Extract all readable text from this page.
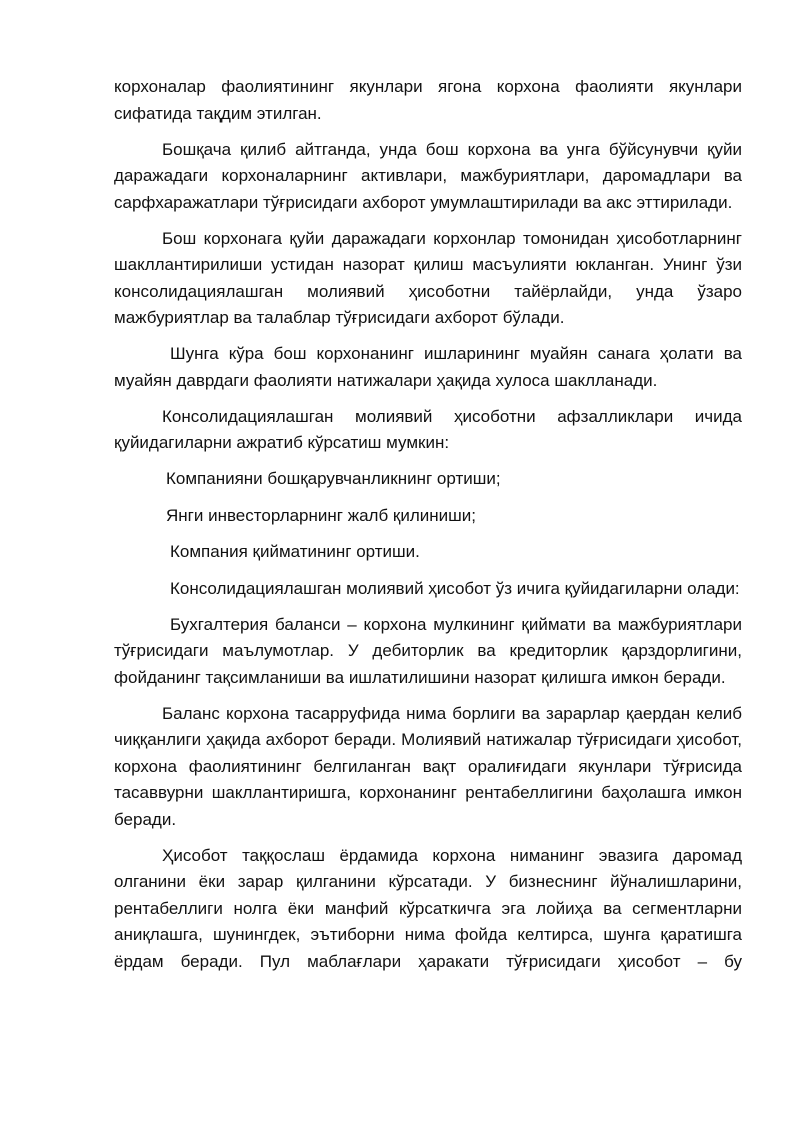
корхоналар фаолиятининг якунлари ягона корхона фаолияти якунлари сифатида тақдим этилган.

Бошқача қилиб айтганда, унда бош корхона ва унга бўйсунувчи қуйи даражадаги корхоналарнинг активлари, мажбуриятлари, даромадлари ва сарфхаражатлари тўғрисидаги ахборот умумлаштирилади ва акс эттирилади.

Бош корхонага қуйи даражадаги корхонлар томонидан ҳисоботларнинг шакллантирилиши устидан назорат қилиш масъулияти юкланган. Унинг ўзи консолидациялашган молиявий ҳисоботни тайёрлайди, унда ўзаро мажбуриятлар ва талаблар тўғрисидаги ахборот бўлади.

Шунга кўра бош корхонанинг ишларининг муайян санага ҳолати ва муайян даврдаги фаолияти натижалари ҳақида хулоса шаклланади.

Консолидациялашган молиявий ҳисоботни афзалликлари ичида қуйидагиларни ажратиб кўрсатиш мумкин:

Компанияни бошқарувчанликнинг ортиши;

Янги инвесторларнинг жалб қилиниши;

Компания қийматининг ортиши.

Консолидациялашган молиявий ҳисобот ўз ичига қуйидагиларни олади:

Бухгалтерия баланси – корхона мулкининг қиймати ва мажбуриятлари тўғрисидаги маълумотлар. У дебиторлик ва кредиторлик қарздорлигини, фойданинг тақсимланиши ва ишлатилишини назорат қилишга имкон беради.

Баланс корхона тасарруфида нима борлиги ва зарарлар қаердан келиб чиққанлиги ҳақида ахборот беради. Молиявий натижалар тўғрисидаги ҳисобот, корхона фаолиятининг белгиланган вақт оралиғидаги якунлари тўғрисида тасаввурни шакллантиришга, корхонанинг рентабеллигини баҳолашга имкон беради.

Ҳисобот таққослаш ёрдамида корхона ниманинг эвазига даромад олганини ёки зарар қилганини кўрсатади. У бизнеснинг йўналишларини, рентабеллиги нолга ёки манфий кўрсаткичга эга лойиҳа ва сегментларни аниқлашга, шунингдек, эътиборни нима фойда келтирса, шунга қаратишга ёрдам беради. Пул маблағлари ҳаракати тўғрисидаги ҳисобот – бу
